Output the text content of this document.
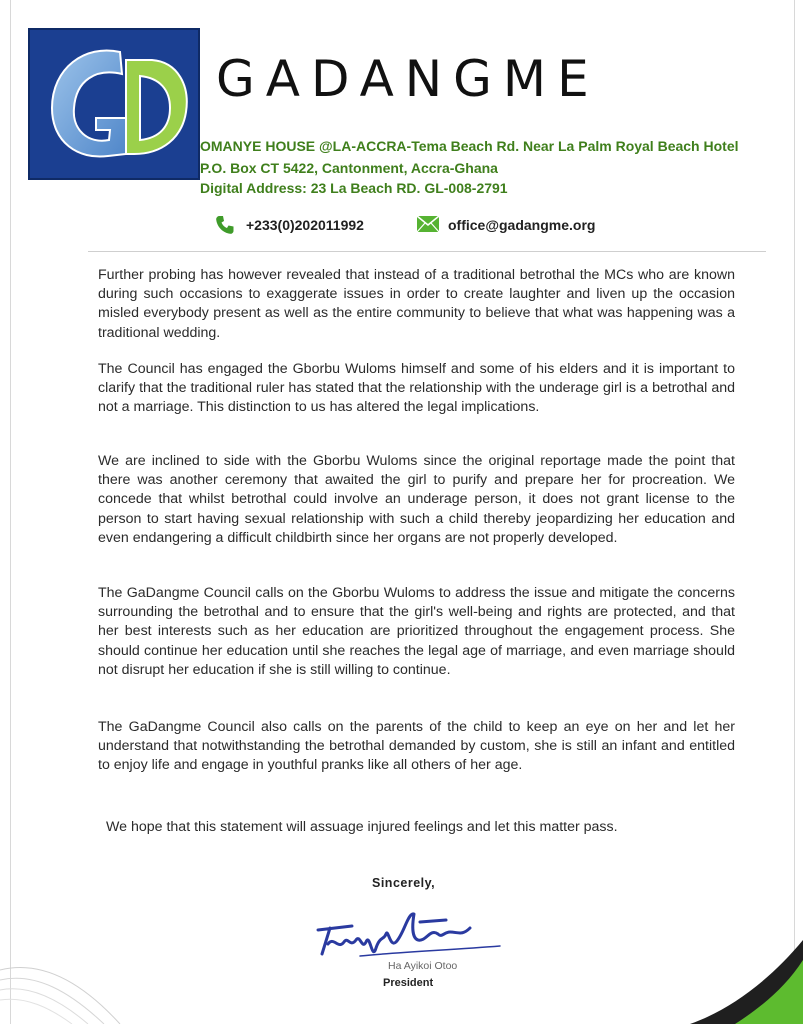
GADANGME
OMANYE HOUSE @LA-ACCRA-Tema Beach Rd. Near La Palm Royal Beach Hotel
P.O. Box CT 5422, Cantonment, Accra-Ghana
Digital Address: 23 La Beach RD. GL-008-2791
+233(0)202011992	office@gadangme.org

Further probing has however revealed that instead of a traditional betrothal the MCs who are known during such occasions to exaggerate issues in order to create laughter and liven up the occasion misled everybody present as well as the entire community to believe that what was happening was a traditional wedding.

The Council has engaged the Gborbu Wuloms himself and some of his elders and it is important to clarify that the traditional ruler has stated that the relationship with the underage girl is a betrothal and not a marriage. This distinction to us has altered the legal implications.

We are inclined to side with the Gborbu Wuloms since the original reportage made the point that there was another ceremony that awaited the girl to purify and prepare her for procreation. We concede that whilst betrothal could involve an underage person, it does not grant license to the person to start having sexual relationship with such a child thereby jeopardizing her education and even endangering a difficult childbirth since her organs are not properly developed.

The GaDangme Council calls on the Gborbu Wuloms to address the issue and mitigate the concerns surrounding the betrothal and to ensure that the girl's well-being and rights are protected, and that her best interests such as her education are prioritized throughout the engagement process. She should continue her education until she reaches the legal age of marriage, and even marriage should not disrupt her education if she is still willing to continue.

The GaDangme Council also calls on the parents of the child to keep an eye on her and let her understand that notwithstanding the betrothal demanded by custom, she is still an infant and entitled to enjoy life and engage in youthful pranks like all others of her age.

We hope that this statement will assuage injured feelings and let this matter pass.

Sincerely,
Ha Ayikoi Otoo
President
